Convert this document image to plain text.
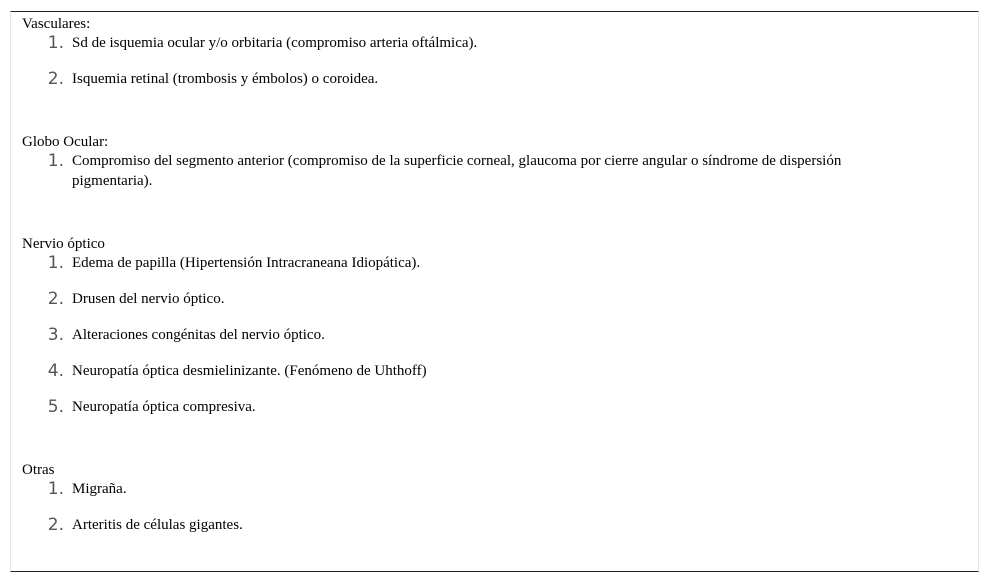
Vasculares:

1. Sd de isquemia ocular y/o orbitaria (compromiso arteria oftálmica).
2. Isquemia retinal (trombosis y émbolos) o coroidea.

Globo Ocular:

1. Compromiso del segmento anterior (compromiso de la superficie corneal, glaucoma por cierre angular o síndrome de dispersión pigmentaria).

Nervio óptico

1. Edema de papilla (Hipertensión Intracraneana Idiopática).
2. Drusen del nervio óptico.
3. Alteraciones congénitas del nervio óptico.
4. Neuropatía óptica desmielinizante. (Fenómeno de Uhthoff)
5. Neuropatía óptica compresiva.

Otras

1. Migraña.
2. Arteritis de células gigantes.
